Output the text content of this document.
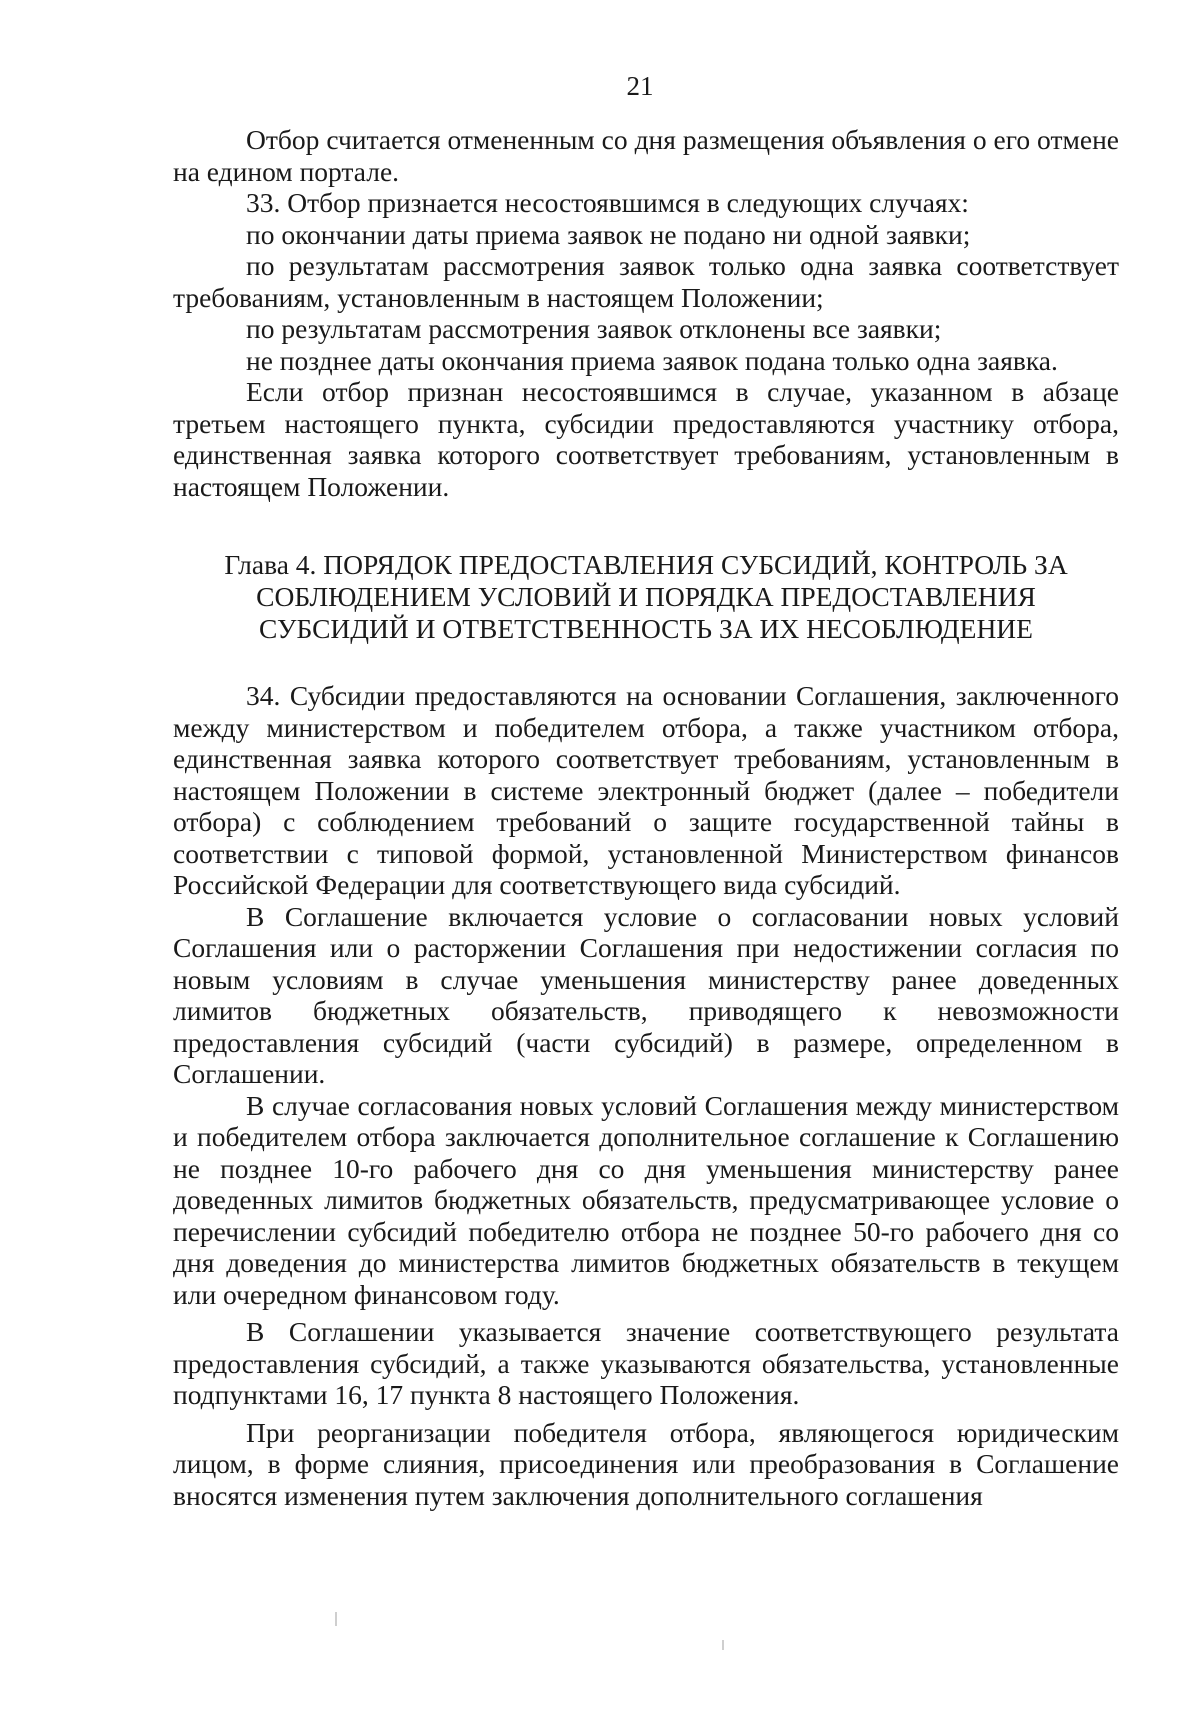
21

Отбор считается отмененным со дня размещения объявления о его отмене на едином портале.

33. Отбор признается несостоявшимся в следующих случаях:

по окончании даты приема заявок не подано ни одной заявки;

по результатам рассмотрения заявок только одна заявка соответствует требованиям, установленным в настоящем Положении;

по результатам рассмотрения заявок отклонены все заявки;

не позднее даты окончания приема заявок подана только одна заявка.

Если отбор признан несостоявшимся в случае, указанном в абзаце третьем настоящего пункта, субсидии предоставляются участнику отбора, единственная заявка которого соответствует требованиям, установленным в настоящем Положении.

Глава 4. ПОРЯДОК ПРЕДОСТАВЛЕНИЯ СУБСИДИЙ, КОНТРОЛЬ ЗА
СОБЛЮДЕНИЕМ УСЛОВИЙ И ПОРЯДКА ПРЕДОСТАВЛЕНИЯ
СУБСИДИЙ И ОТВЕТСТВЕННОСТЬ ЗА ИХ НЕСОБЛЮДЕНИЕ

34. Субсидии предоставляются на основании Соглашения, заключенного между министерством и победителем отбора, а также участником отбора, единственная заявка которого соответствует требованиям, установленным в настоящем Положении в системе электронный бюджет (далее – победители отбора) с соблюдением требований о защите государственной тайны в соответствии с типовой формой, установленной Министерством финансов Российской Федерации для соответствующего вида субсидий.

В Соглашение включается условие о согласовании новых условий Соглашения или о расторжении Соглашения при недостижении согласия по новым условиям в случае уменьшения министерству ранее доведенных лимитов бюджетных обязательств, приводящего к невозможности предоставления субсидий (части субсидий) в размере, определенном в Соглашении.

В случае согласования новых условий Соглашения между министерством и победителем отбора заключается дополнительное соглашение к Соглашению не позднее 10-го рабочего дня со дня уменьшения министерству ранее доведенных лимитов бюджетных обязательств, предусматривающее условие о перечислении субсидий победителю отбора не позднее 50-го рабочего дня со дня доведения до министерства лимитов бюджетных обязательств в текущем или очередном финансовом году.

В Соглашении указывается значение соответствующего результата предоставления субсидий, а также указываются обязательства, установленные подпунктами 16, 17 пункта 8 настоящего Положения.

При реорганизации победителя отбора, являющегося юридическим лицом, в форме слияния, присоединения или преобразования в Соглашение вносятся изменения путем заключения дополнительного соглашения
